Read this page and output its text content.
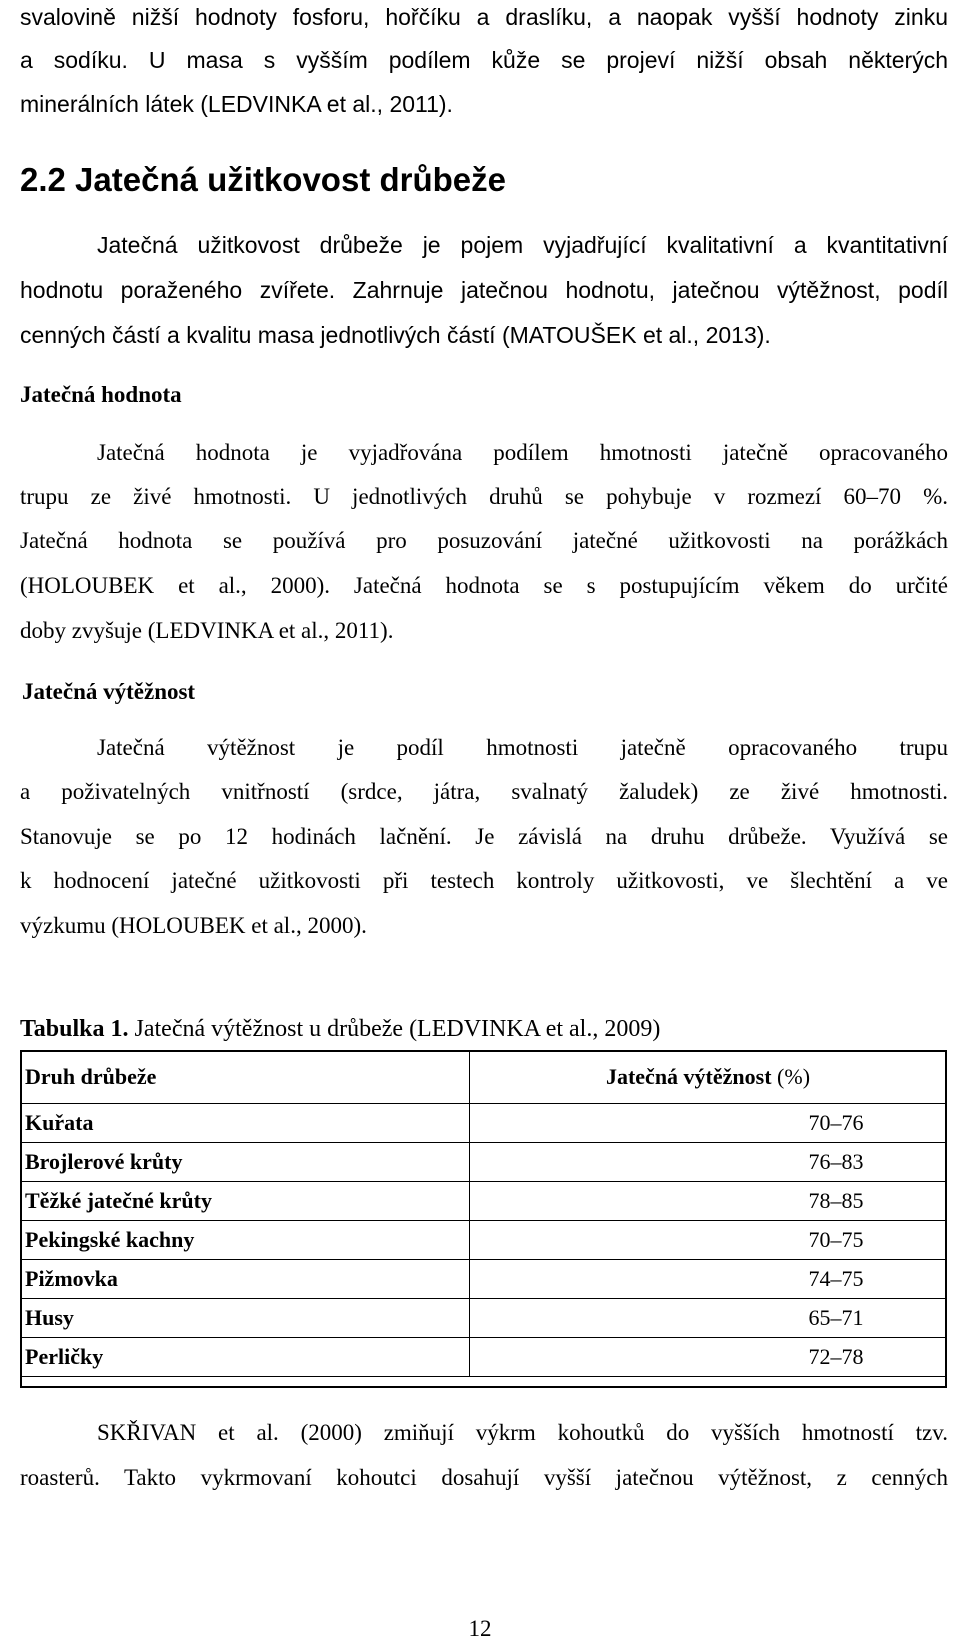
svalovině nižší hodnoty fosforu, hořčíku a draslíku, a naopak vyšší hodnoty zinku
a sodíku. U masa s vyšším podílem kůže se projeví nižší obsah některých
minerálních látek (LEDVINKA et al., 2011).
2.2 Jatečná užitkovost drůbeže
Jatečná užitkovost drůbeže je pojem vyjadřující kvalitativní a kvantitativní
hodnotu poraženého zvířete. Zahrnuje jatečnou hodnotu, jatečnou výtěžnost, podíl
cenných částí a kvalitu masa jednotlivých částí (MATOUŠEK et al., 2013).
Jatečná hodnota
Jatečná hodnota je vyjadřována podílem hmotnosti jatečně opracovaného
trupu ze živé hmotnosti. U jednotlivých druhů se pohybuje v rozmezí 60–70 %.
Jatečná hodnota se používá pro posuzování jatečné užitkovosti na porážkách
(HOLOUBEK et al., 2000). Jatečná hodnota se s postupujícím věkem do určité
doby zvyšuje (LEDVINKA et al., 2011).
Jatečná výtěžnost
Jatečná výtěžnost je podíl hmotnosti jatečně opracovaného trupu
a poživatelných vnitřností (srdce, játra, svalnatý žaludek) ze živé hmotnosti.
Stanovuje se po 12 hodinách lačnění. Je závislá na druhu drůbeže. Využívá se
k hodnocení jatečné užitkovosti při testech kontroly užitkovosti, ve šlechtění a ve
výzkumu (HOLOUBEK et al., 2000).
Tabulka 1. Jatečná výtěžnost u drůbeže (LEDVINKA et al., 2009)
Druh drůbeže	Jatečná výtěžnost (%)
Kuřata	70–76
Brojlerové krůty	76–83
Těžké jatečné krůty	78–85
Pekingské kachny	70–75
Pižmovka	74–75
Husy	65–71
Perličky	72–78
SKŘIVAN et al. (2000) zmiňují výkrm kohoutků do vyšších hmotností tzv.
roasterů. Takto vykrmovaní kohoutci dosahují vyšší jatečnou výtěžnost, z cenných
12
